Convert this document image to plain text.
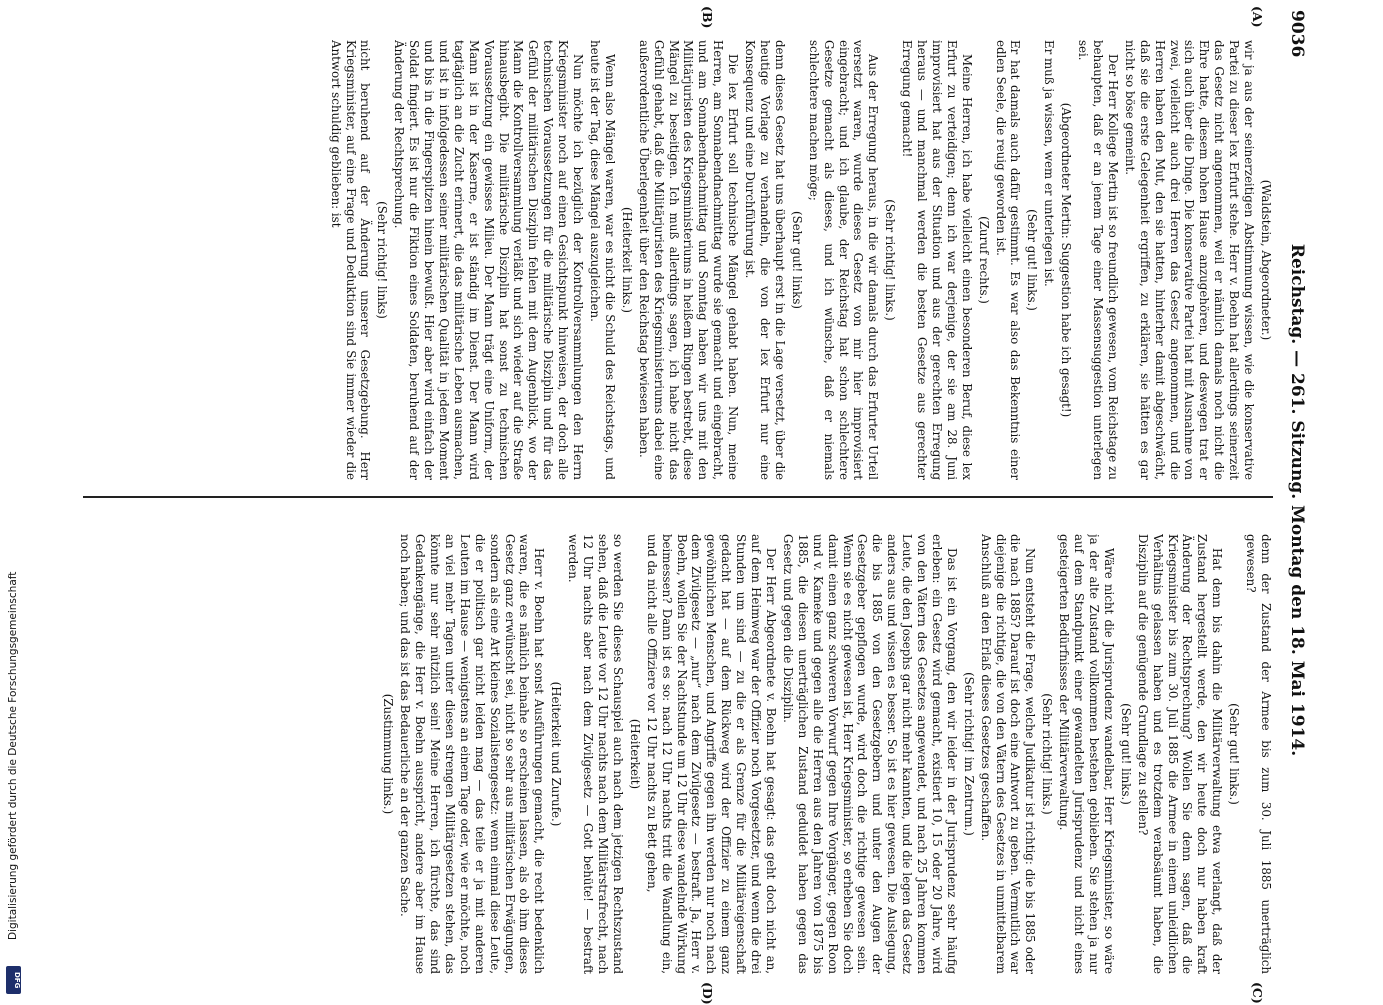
Digitalisierung gefördert durch die Deutsche Forschungsgemeinschaft
DFG
9036
Reichstag. — 261. Sitzung. Montag den 18. Mai 1914.
(A)
(B)
(C)
(D)

(Waldstein, Abgeordneter.)

wir ja aus der seinerzeitigen Abstimmung wissen, wie die konservative Partei zu dieser lex Erfurt stehe. Herr v. Boehn hat allerdings seinerzeit das Gesetz nicht angenommen, weil er nämlich damals noch nicht die Ehre hatte, diesem hohen Hause anzugehören, und deswegen trat er sich auch über die Dinge. Die konservative Partei hat mit Ausnahme von zwei, vielleicht auch drei Herren das Gesetz angenommen, und die Herren haben den Mut, den sie hatten, hinterher damit abgeschwächt, daß sie die erste Gelegenheit ergriffen, zu erklären, sie hätten es gar nicht so böse gemeint.

Der Herr Kollege Mertin ist so freundlich gewesen, vom Reichstage zu behaupten, daß er an jenem Tage einer Massensuggestion unterlegen sei.

(Abgeordneter Mertin: Suggestion habe ich gesagt!)

Er muß ja wissen, wem er unterlegen ist.

(Sehr gut! links.)

Er hat damals auch dafür gestimmt. Es war also das Bekenntnis einer edlen Seele, die reuig geworden ist.

(Zuruf rechts.)

Meine Herren, ich habe vielleicht einen besonderen Beruf, diese lex Erfurt zu verteidigen; denn ich war derjenige, der sie am 28. Juni improvisiert hat aus der Situation und aus der gerechten Erregung heraus — und manchmal werden die besten Gesetze aus gerechter Erregung gemacht!

(Sehr richtig! links.)

Aus der Erregung heraus, in die wir damals durch das Erfurter Urteil versetzt waren, wurde dieses Gesetz von mir hier improvisiert eingebracht; und ich glaube, der Reichstag hat schon schlechtere Gesetze gemacht als dieses, und ich wünsche, daß er niemals schlechtere machen möge;

(Sehr gut! links)

denn dieses Gesetz hat uns überhaupt erst in die Lage versetzt, über die heutige Vorlage zu verhandeln, die von der lex Erfurt nur eine Konsequenz und eine Durchführung ist.

Die lex Erfurt soll technische Mängel gehabt haben. Nun, meine Herren, am Sonnabendnachmittag wurde sie gemacht und eingebracht, und am Sonnabendnachmittag und Sonntag haben wir uns mit den Militärjuristen des Kriegsministeriums in heißem Ringen bestrebt, diese Mängel zu beseitigen. Ich muß allerdings sagen, ich habe nicht das Gefühl gehabt, daß die Militärjuristen des Kriegsministeriums dabei eine außerordentliche Überlegenheit über den Reichstag bewiesen haben.

(Heiterkeit links.)

Wenn also Mängel waren, war es nicht die Schuld des Reichstags, und heute ist der Tag, diese Mängel auszugleichen.

Nun möchte ich bezüglich der Kontrollversammlungen den Herrn Kriegsminister noch auf einen Gesichtspunkt hinweisen, der doch alle technischen Voraussetzungen für die militärische Disziplin und für das Gefühl der militärischen Disziplin fehlen mit dem Augenblick, wo der Mann die Kontrollversammlung verläßt und sich wieder auf die Straße hinausbegibt. Die militärische Disziplin hat sonst zu technischen Voraussetzung ein gewisses Milieu. Der Mann trägt eine Uniform, der Mann ist in der Kaserne, er ist ständig im Dienst. Der Mann wird tagtäglich an die Zucht erinnert, die das militärische Leben ausmachen, und ist in infolgedessen seiner militärischen Qualität in jedem Moment und bis in die Fingerspitzen hinein bewußt. Hier aber wird einfach der Soldat fingiert. Es ist nur die Fiktion eines Soldaten, beruhend auf der Änderung der Rechtsprechung.

(Sehr richtig! links)

nicht beruhend auf der Änderung unserer Gesetzgebung. Herr Kriegsminister, auf eine Frage und Deduktion sind Sie immer wieder die Antwort schuldig geblieben: ist

denn der Zustand der Armee bis zum 30. Juli 1885 unerträglich gewesen?

(Sehr gut! links.)

Hat denn bis dahin die Militärverwaltung etwa verlangt, daß der Zustand hergestellt werde, den wir heute doch nur haben kraft Änderung der Rechtsprechung? Wollen Sie denn sagen, daß die Kriegsminister bis zum 30. Juli 1885 die Armee in einem unleidlichen Verhältnis gelassen haben und es trotzdem verabsäumt haben, die Disziplin auf die genügende Grundlage zu stellen?

(Sehr gut! links.)

Wäre nicht die Jurisprudenz wandelbar, Herr Kriegsminister, so wäre ja der alte Zustand vollkommen bestehen geblieben. Sie stehen ja nur auf dem Standpunkt einer gewandelten Jurisprudenz und nicht eines gesteigerten Bedürfnisses der Militärverwaltung.

(Sehr richtig! links.)

Nun entsteht die Frage, welche Judikatur ist richtig: die bis 1885 oder die nach 1885? Darauf ist doch eine Antwort zu geben. Vermutlich war diejenige die richtige, die von den Vätern des Gesetzes in unmittelbarem Anschluß an den Erlaß dieses Gesetzes geschaffen.

(Sehr richtig! im Zentrum.)

Das ist ein Vorgang, den wir leider in der Jurisprudenz sehr häufig erleben: ein Gesetz wird gemacht, existiert 10, 15 oder 20 Jahre, wird von den Vätern des Gesetzes angewendet, und nach 25 Jahren kommen Leute, die den Josephs gar nicht mehr kannten, und die legen das Gesetz anders aus und wissen es besser. So ist es hier gewesen. Die Auslegung, die bis 1885 von den Gesetzgebern und unter den Augen der Gesetzgeber gepflogen wurde, wird doch die richtige gewesen sein. Wenn sie es nicht gewesen ist, Herr Kriegsminister, so erheben Sie doch damit einen ganz schweren Vorwurf gegen Ihre Vorgänger, gegen Roon und v. Kameke und gegen alle die Herren aus den Jahren von 1875 bis 1885, die diesen unerträglichen Zustand geduldet haben gegen das Gesetz und gegen die Disziplin.

Der Herr Abgeordnete v. Boehn hat gesagt: das geht doch nicht an, auf dem Heimweg war der Offizier noch Vorgesetzter, und wenn die drei Stunden um sind — zu die er als Grenze für die Militäreigenschaft gedacht hat — auf dem Rückweg wird der Offizier zu einem ganz gewöhnlichen Menschen, und Angriffe gegen ihn werden nur noch nach dem Zivilgesetz — „nur“ nach dem Zivilgesetz — bestraft. Ja, Herr v. Boehn, wollen Sie der Nachtstunde um 12 Uhr diese wandelnde Wirkung beimessen? Dann ist es so: nach 12 Uhr nachts tritt die Wandlung ein, und da nicht alle Offiziere vor 12 Uhr nachts zu Bett gehen,

(Heiterkeit)

so werden Sie dieses Schauspiel auch nach dem jetzigen Rechtszustand sehen, daß die Leute vor 12 Uhr nachts nach dem Militärstrafrecht, nach 12 Uhr nachts aber nach dem Zivilgesetz — Gott behüte! — bestraft werden.

(Heiterkeit und Zurufe.)

Herr v. Boehn hat sonst Ausführungen gemacht, die recht bedenklich waren, die es nämlich beinahe so erscheinen lassen, als ob ihm dieses Gesetz ganz erwünscht sei, nicht so sehr aus militärischen Erwägungen, sondern als eine Art kleines Sozialistengesetz: wenn einmal diese Leute, die er politisch gar nicht leiden mag — das teile er ja mit anderen Leuten im Hause — wenigstens an einem Tage oder, wie er möchte, noch an viel mehr Tagen unter diesen strengen Militärgesetzen stehen, das könnte nur sehr nützlich sein! Meine Herren, ich fürchte, das sind Gedankengänge, die Herr v. Boehn ausspricht, andere aber im Hause noch haben; und das ist das Bedauerliche an der ganzen Sache.

(Zustimmung links.)
